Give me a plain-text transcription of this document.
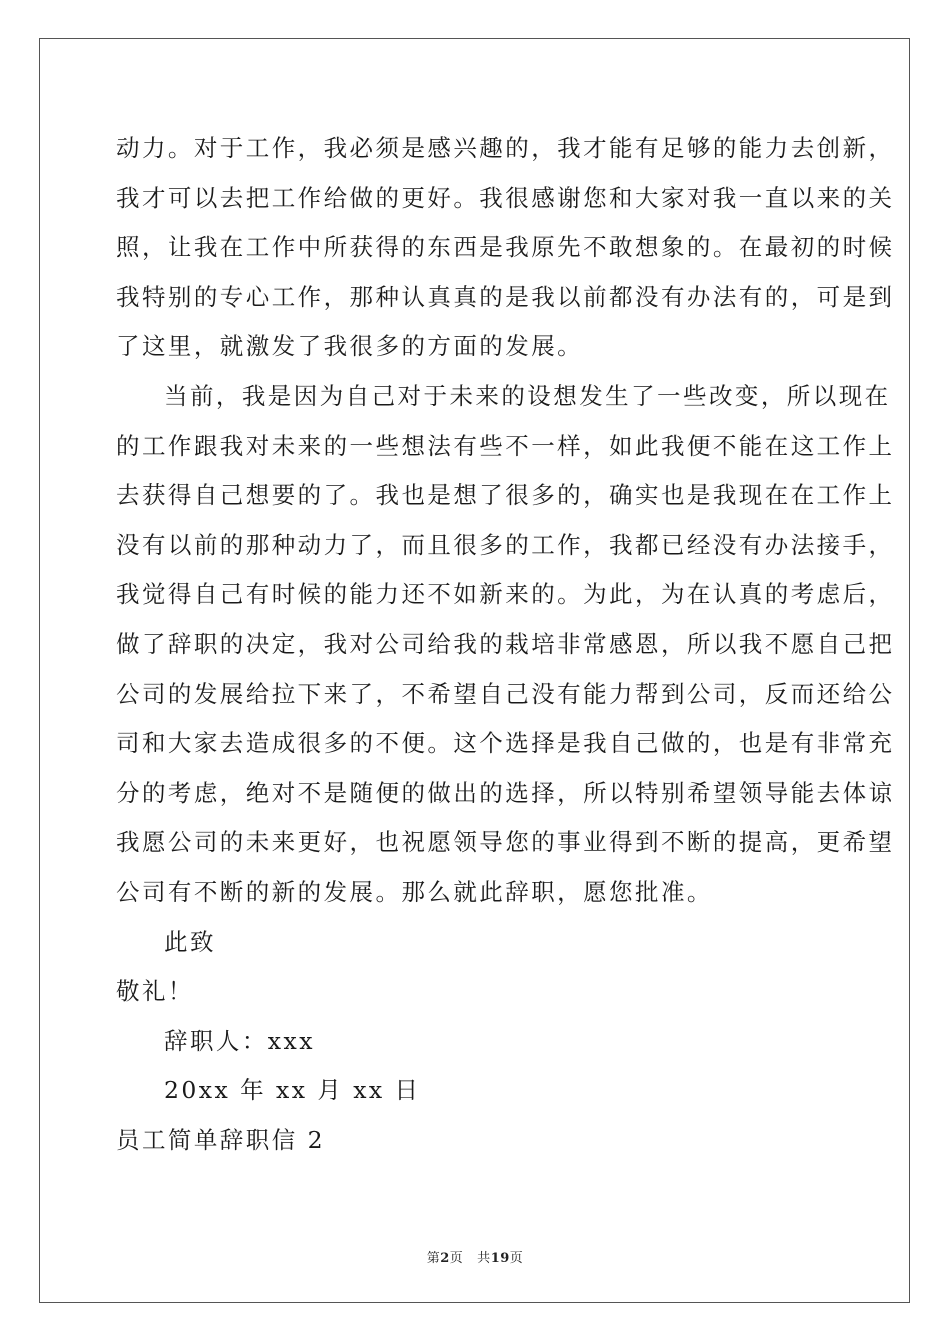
动力。对于工作，我必须是感兴趣的，我才能有足够的能力去创新，
我才可以去把工作给做的更好。我很感谢您和大家对我一直以来的关
照，让我在工作中所获得的东西是我原先不敢想象的。在最初的时候
我特别的专心工作，那种认真真的是我以前都没有办法有的，可是到
了这里，就激发了我很多的方面的发展。
当前，我是因为自己对于未来的设想发生了一些改变，所以现在
的工作跟我对未来的一些想法有些不一样，如此我便不能在这工作上
去获得自己想要的了。我也是想了很多的，确实也是我现在在工作上
没有以前的那种动力了，而且很多的工作，我都已经没有办法接手，
我觉得自己有时候的能力还不如新来的。为此，为在认真的考虑后，
做了辞职的决定，我对公司给我的栽培非常感恩，所以我不愿自己把
公司的发展给拉下来了，不希望自己没有能力帮到公司，反而还给公
司和大家去造成很多的不便。这个选择是我自己做的，也是有非常充
分的考虑，绝对不是随便的做出的选择，所以特别希望领导能去体谅
我愿公司的未来更好，也祝愿领导您的事业得到不断的提高，更希望
公司有不断的新的发展。那么就此辞职，愿您批准。
此致
敬礼！
辞职人：xxx
20xx 年 xx 月 xx 日
员工简单辞职信 2
第2页 共19页
